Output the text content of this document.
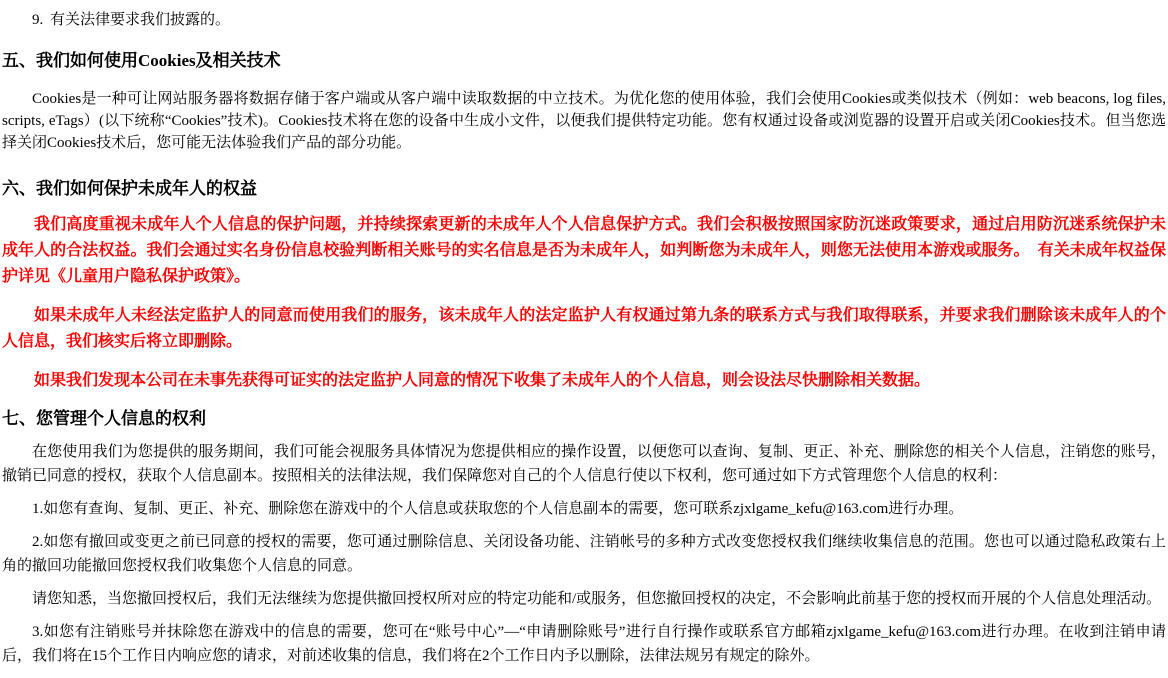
9. 有关法律要求我们披露的。
五、我们如何使用Cookies及相关技术

Cookies是一种可让网站服务器将数据存储于客户端或从客户端中读取数据的中立技术。为优化您的使用体验，我们会使用Cookies或类似技术（例如：web beacons, log files, scripts, eTags）(以下统称“Cookies”技术)。Cookies技术将在您的设备中生成小文件，以便我们提供特定功能。您有权通过设备或浏览器的设置开启或关闭Cookies技术。但当您选择关闭Cookies技术后，您可能无法体验我们产品的部分功能。

六、我们如何保护未成年人的权益

我们高度重视未成年人个人信息的保护问题，并持续探索更新的未成年人个人信息保护方式。我们会积极按照国家防沉迷政策要求，通过启用防沉迷系统保护未成年人的合法权益。我们会通过实名身份信息校验判断相关账号的实名信息是否为未成年人，如判断您为未成年人，则您无法使用本游戏或服务。　有关未成年权益保护详见《儿童用户隐私保护政策》。

如果未成年人未经法定监护人的同意而使用我们的服务，该未成年人的法定监护人有权通过第九条的联系方式与我们取得联系，并要求我们删除该未成年人的个人信息，我们核实后将立即删除。

如果我们发现本公司在未事先获得可证实的法定监护人同意的情况下收集了未成年人的个人信息，则会设法尽快删除相关数据。

七、您管理个人信息的权利

在您使用我们为您提供的服务期间，我们可能会视服务具体情况为您提供相应的操作设置，以便您可以查询、复制、更正、补充、删除您的相关个人信息，注销您的账号，撤销已同意的授权，获取个人信息副本。按照相关的法律法规，我们保障您对自己的个人信息行使以下权利，您可通过如下方式管理您个人信息的权利：

1.如您有查询、复制、更正、补充、删除您在游戏中的个人信息或获取您的个人信息副本的需要，您可联系zjxlgame_kefu@163.com进行办理。

2.如您有撤回或变更之前已同意的授权的需要，您可通过删除信息、关闭设备功能、注销帐号的多种方式改变您授权我们继续收集信息的范围。您也可以通过隐私政策右上角的撤回功能撤回您授权我们收集您个人信息的同意。

请您知悉，当您撤回授权后，我们无法继续为您提供撤回授权所对应的特定功能和/或服务，但您撤回授权的决定，不会影响此前基于您的授权而开展的个人信息处理活动。

3.如您有注销账号并抹除您在游戏中的信息的需要，您可在“账号中心”—“申请删除账号”进行自行操作或联系官方邮箱zjxlgame_kefu@163.com进行办理。在收到注销申请后，我们将在15个工作日内响应您的请求，对前述收集的信息，我们将在2个工作日内予以删除，法律法规另有规定的除外。
